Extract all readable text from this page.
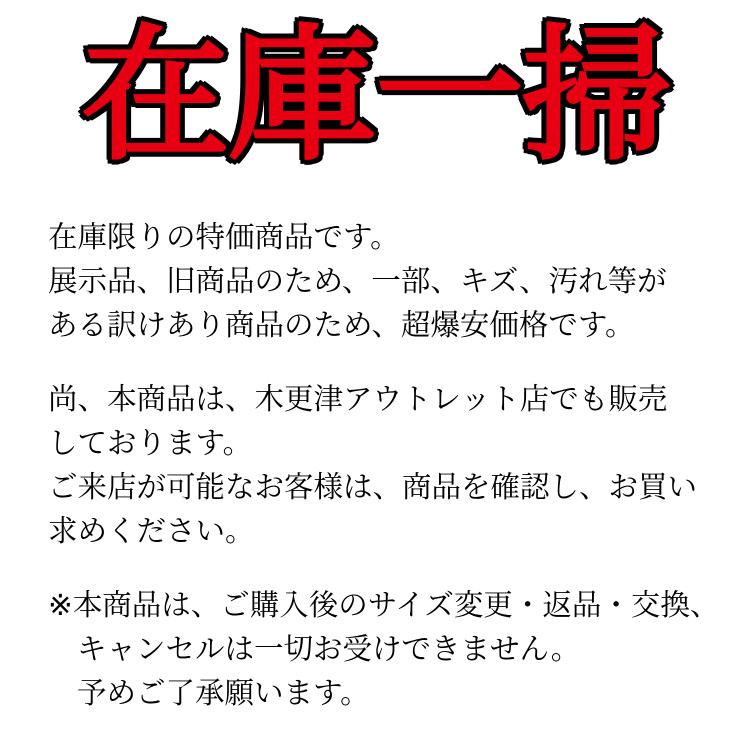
在庫一掃
在庫限りの特価商品です。
展示品、旧商品のため、一部、キズ、汚れ等が
ある訳けあり商品のため、超爆安価格です。
尚、本商品は、木更津アウトレット店でも販売
しております。
ご来店が可能なお客様は、商品を確認し、お買い
求めください。
※本商品は、ご購入後のサイズ変更・返品・交換、
キャンセルは一切お受けできません。
予めご了承願います。
